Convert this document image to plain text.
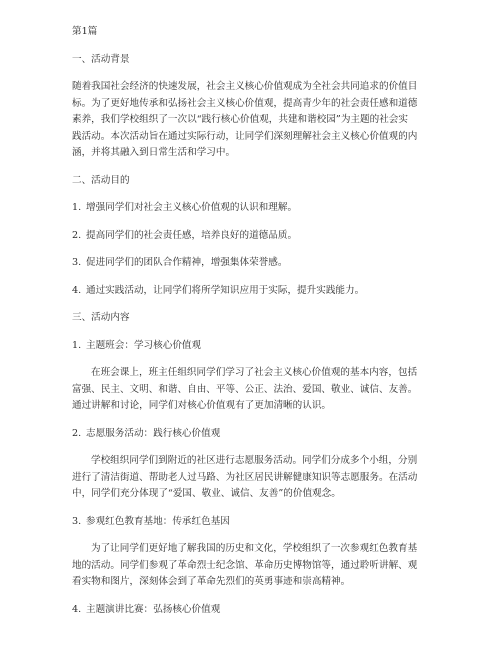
第1篇
一、活动背景
随着我国社会经济的快速发展，社会主义核心价值观成为全社会共同追求的价值目
标。为了更好地传承和弘扬社会主义核心价值观，提高青少年的社会责任感和道德
素养，我们学校组织了一次以“践行核心价值观，共建和谐校园”为主题的社会实
践活动。本次活动旨在通过实际行动，让同学们深刻理解社会主义核心价值观的内
涵，并将其融入到日常生活和学习中。
二、活动目的
1. 增强同学们对社会主义核心价值观的认识和理解。
2. 提高同学们的社会责任感，培养良好的道德品质。
3. 促进同学们的团队合作精神，增强集体荣誉感。
4. 通过实践活动，让同学们将所学知识应用于实际，提升实践能力。
三、活动内容
1. 主题班会：学习核心价值观
在班会课上，班主任组织同学们学习了社会主义核心价值观的基本内容，包括
富强、民主、文明、和谐、自由、平等、公正、法治、爱国、敬业、诚信、友善。
通过讲解和讨论，同学们对核心价值观有了更加清晰的认识。
2. 志愿服务活动：践行核心价值观
学校组织同学们到附近的社区进行志愿服务活动。同学们分成多个小组，分别
进行了清洁街道、帮助老人过马路、为社区居民讲解健康知识等志愿服务。在活动
中，同学们充分体现了“爱国、敬业、诚信、友善”的价值观念。
3. 参观红色教育基地：传承红色基因
为了让同学们更好地了解我国的历史和文化，学校组织了一次参观红色教育基
地的活动。同学们参观了革命烈士纪念馆、革命历史博物馆等，通过聆听讲解、观
看实物和图片，深刻体会到了革命先烈们的英勇事迹和崇高精神。
4. 主题演讲比赛：弘扬核心价值观
